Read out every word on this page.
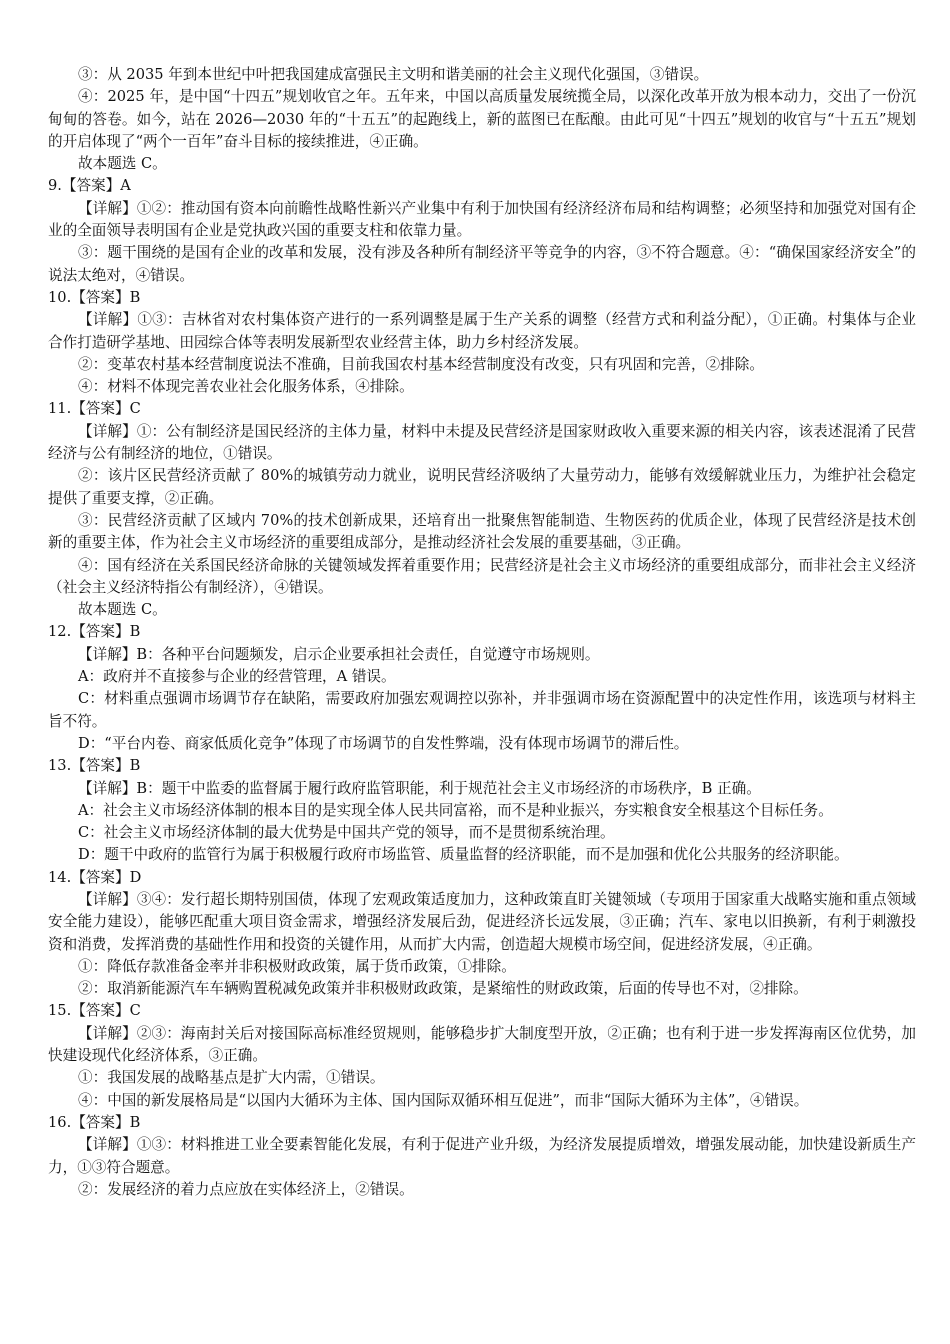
③：从 2035 年到本世纪中叶把我国建成富强民主文明和谐美丽的社会主义现代化强国，③错误。

④：2025 年，是中国“十四五”规划收官之年。五年来，中国以高质量发展统揽全局，以深化改革开放为根本动力，交出了一份沉甸甸的答卷。如今，站在 2026—2030 年的“十五五”的起跑线上，新的蓝图已在酝酿。由此可见“十四五”规划的收官与“十五五”规划的开启体现了“两个一百年”奋斗目标的接续推进，④正确。

故本题选 C。

9.【答案】A

【详解】①②：推动国有资本向前瞻性战略性新兴产业集中有利于加快国有经济经济布局和结构调整；必须坚持和加强党对国有企业的全面领导表明国有企业是党执政兴国的重要支柱和依靠力量。

③：题干围绕的是国有企业的改革和发展，没有涉及各种所有制经济平等竞争的内容，③不符合题意。④：“确保国家经济安全”的说法太绝对，④错误。

10.【答案】B

【详解】①③：吉林省对农村集体资产进行的一系列调整是属于生产关系的调整（经营方式和利益分配），①正确。村集体与企业合作打造研学基地、田园综合体等表明发展新型农业经营主体，助力乡村经济发展。

②：变革农村基本经营制度说法不准确，目前我国农村基本经营制度没有改变，只有巩固和完善，②排除。

④：材料不体现完善农业社会化服务体系，④排除。

11.【答案】C

【详解】①：公有制经济是国民经济的主体力量，材料中未提及民营经济是国家财政收入重要来源的相关内容，该表述混淆了民营经济与公有制经济的地位，①错误。

②：该片区民营经济贡献了 80%的城镇劳动力就业，说明民营经济吸纳了大量劳动力，能够有效缓解就业压力，为维护社会稳定提供了重要支撑，②正确。

③：民营经济贡献了区域内 70%的技术创新成果，还培育出一批聚焦智能制造、生物医药的优质企业，体现了民营经济是技术创新的重要主体，作为社会主义市场经济的重要组成部分，是推动经济社会发展的重要基础，③正确。

④：国有经济在关系国民经济命脉的关键领域发挥着重要作用；民营经济是社会主义市场经济的重要组成部分，而非社会主义经济（社会主义经济特指公有制经济），④错误。

故本题选 C。

12.【答案】B

【详解】B：各种平台问题频发，启示企业要承担社会责任，自觉遵守市场规则。

A：政府并不直接参与企业的经营管理，A 错误。

C：材料重点强调市场调节存在缺陷，需要政府加强宏观调控以弥补，并非强调市场在资源配置中的决定性作用，该选项与材料主旨不符。

D：“平台内卷、商家低质化竞争”体现了市场调节的自发性弊端，没有体现市场调节的滞后性。

13.【答案】B

【详解】B：题干中监委的监督属于履行政府监管职能，利于规范社会主义市场经济的市场秩序，B 正确。

A：社会主义市场经济体制的根本目的是实现全体人民共同富裕，而不是种业振兴，夯实粮食安全根基这个目标任务。

C：社会主义市场经济体制的最大优势是中国共产党的领导，而不是贯彻系统治理。

D：题干中政府的监管行为属于积极履行政府市场监管、质量监督的经济职能，而不是加强和优化公共服务的经济职能。

14.【答案】D

【详解】③④：发行超长期特别国债，体现了宏观政策适度加力，这种政策直盯关键领域（专项用于国家重大战略实施和重点领域安全能力建设），能够匹配重大项目资金需求，增强经济发展后劲，促进经济长远发展，③正确；汽车、家电以旧换新，有利于刺激投资和消费，发挥消费的基础性作用和投资的关键作用，从而扩大内需，创造超大规模市场空间，促进经济发展，④正确。

①：降低存款准备金率并非积极财政政策，属于货币政策，①排除。

②：取消新能源汽车车辆购置税减免政策并非积极财政政策，是紧缩性的财政政策，后面的传导也不对，②排除。

15.【答案】C

【详解】②③：海南封关后对接国际高标准经贸规则，能够稳步扩大制度型开放，②正确；也有利于进一步发挥海南区位优势，加快建设现代化经济体系，③正确。

①：我国发展的战略基点是扩大内需，①错误。

④：中国的新发展格局是“以国内大循环为主体、国内国际双循环相互促进”，而非“国际大循环为主体”，④错误。

16.【答案】B

【详解】①③：材料推进工业全要素智能化发展，有利于促进产业升级，为经济发展提质增效，增强发展动能，加快建设新质生产力，①③符合题意。

②：发展经济的着力点应放在实体经济上，②错误。
